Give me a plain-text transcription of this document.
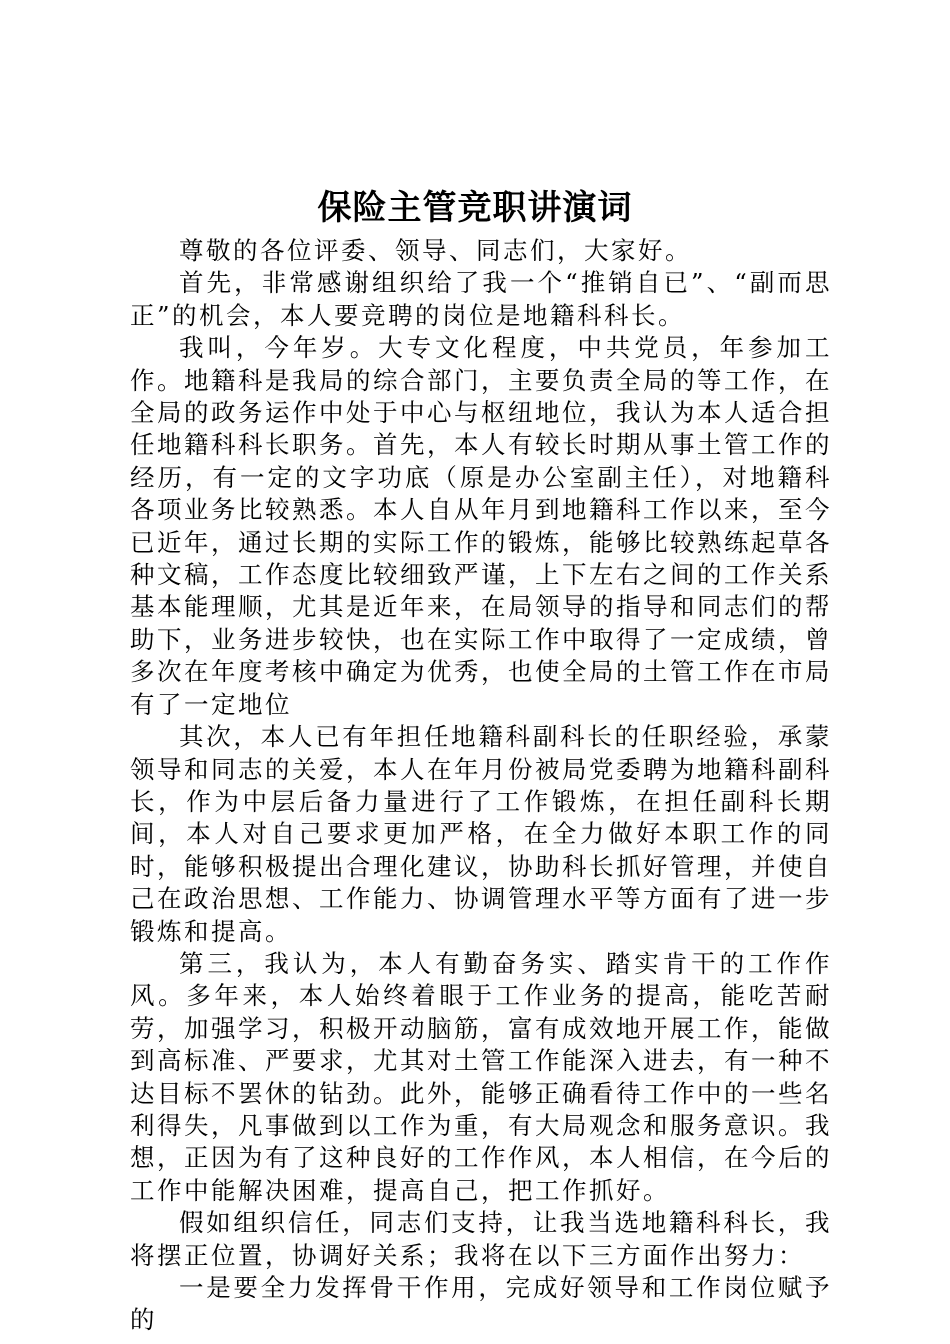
保险主管竞职讲演词

尊敬的各位评委、领导、同志们，大家好。

首先，非常感谢组织给了我一个“推销自已”、“副而思正”的机会，本人要竞聘的岗位是地籍科科长。

我叫，今年岁。大专文化程度，中共党员，年参加工作。地籍科是我局的综合部门，主要负责全局的等工作，在全局的政务运作中处于中心与枢纽地位，我认为本人适合担任地籍科科长职务。首先，本人有较长时期从事土管工作的经历，有一定的文字功底（原是办公室副主任），对地籍科各项业务比较熟悉。本人自从年月到地籍科工作以来，至今已近年，通过长期的实际工作的锻炼，能够比较熟练起草各种文稿，工作态度比较细致严谨，上下左右之间的工作关系基本能理顺，尤其是近年来，在局领导的指导和同志们的帮助下，业务进步较快，也在实际工作中取得了一定成绩，曾多次在年度考核中确定为优秀，也使全局的土管工作在市局有了一定地位

其次，本人已有年担任地籍科副科长的任职经验，承蒙领导和同志的关爱，本人在年月份被局党委聘为地籍科副科长，作为中层后备力量进行了工作锻炼，在担任副科长期间，本人对自己要求更加严格，在全力做好本职工作的同时，能够积极提出合理化建议，协助科长抓好管理，并使自己在政治思想、工作能力、协调管理水平等方面有了进一步锻炼和提高。

第三，我认为，本人有勤奋务实、踏实肯干的工作作风。多年来，本人始终着眼于工作业务的提高，能吃苦耐劳，加强学习，积极开动脑筋，富有成效地开展工作，能做到高标准、严要求，尤其对土管工作能深入进去，有一种不达目标不罢休的钻劲。此外，能够正确看待工作中的一些名利得失，凡事做到以工作为重，有大局观念和服务意识。我想，正因为有了这种良好的工作作风，本人相信，在今后的工作中能解决困难，提高自己，把工作抓好。

假如组织信任，同志们支持，让我当选地籍科科长，我将摆正位置，协调好关系；我将在以下三方面作出努力：

一是要全力发挥骨干作用，完成好领导和工作岗位赋予的
